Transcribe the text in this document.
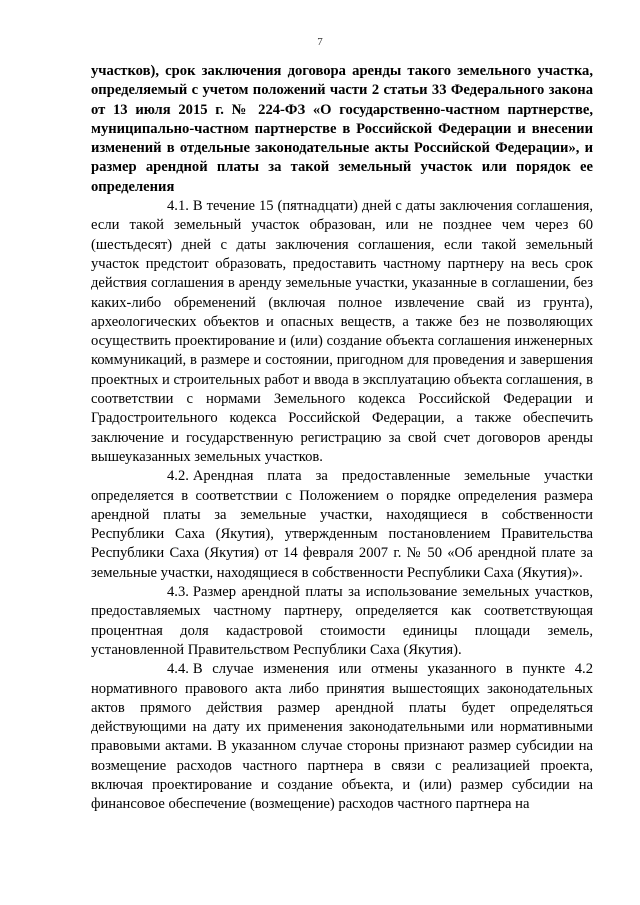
7

участков), срок заключения договора аренды такого земельного участка, определяемый с учетом положений части 2 статьи 33 Федерального закона от 13 июля 2015 г. № 224-ФЗ «О государственно-частном партнерстве, муниципально-частном партнерстве в Российской Федерации и внесении изменений в отдельные законодательные акты Российской Федерации», и размер арендной платы за такой земельный участок или порядок ее определения

4.1. В течение 15 (пятнадцати) дней с даты заключения соглашения, если такой земельный участок образован, или не позднее чем через 60 (шестьдесят) дней с даты заключения соглашения, если такой земельный участок предстоит образовать, предоставить частному партнеру на весь срок действия соглашения в аренду земельные участки, указанные в соглашении, без каких-либо обременений (включая полное извлечение свай из грунта), археологических объектов и опасных веществ, а также без не позволяющих осуществить проектирование и (или) создание объекта соглашения инженерных коммуникаций, в размере и состоянии, пригодном для проведения и завершения проектных и строительных работ и ввода в эксплуатацию объекта соглашения, в соответствии с нормами Земельного кодекса Российской Федерации и Градостроительного кодекса Российской Федерации, а также обеспечить заключение и государственную регистрацию за свой счет договоров аренды вышеуказанных земельных участков.

4.2. Арендная плата за предоставленные земельные участки определяется в соответствии с Положением о порядке определения размера арендной платы за земельные участки, находящиеся в собственности Республики Саха (Якутия), утвержденным постановлением Правительства Республики Саха (Якутия) от 14 февраля 2007 г. № 50 «Об арендной плате за земельные участки, находящиеся в собственности Республики Саха (Якутия)».

4.3. Размер арендной платы за использование земельных участков, предоставляемых частному партнеру, определяется как соответствующая процентная доля кадастровой стоимости единицы площади земель, установленной Правительством Республики Саха (Якутия).

4.4. В случае изменения или отмены указанного в пункте 4.2 нормативного правового акта либо принятия вышестоящих законодательных актов прямого действия размер арендной платы будет определяться действующими на дату их применения законодательными или нормативными правовыми актами. В указанном случае стороны признают размер субсидии на возмещение расходов частного партнера в связи с реализацией проекта, включая проектирование и создание объекта, и (или) размер субсидии на финансовое обеспечение (возмещение) расходов частного партнера на
